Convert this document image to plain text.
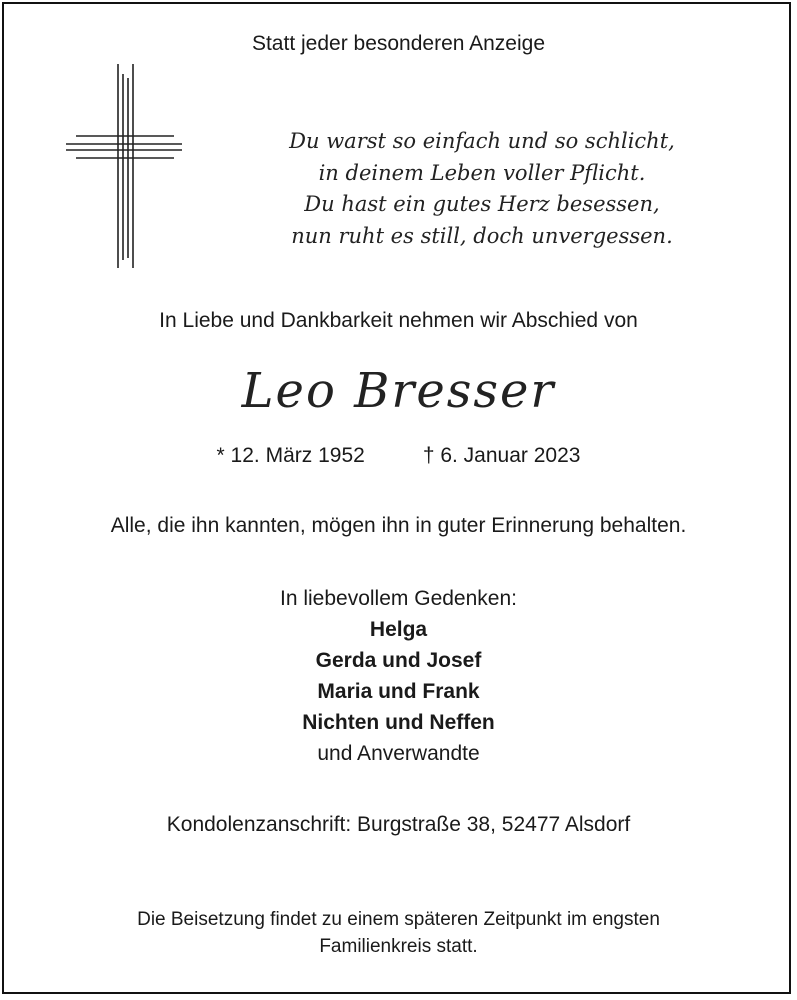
Statt jeder besonderen Anzeige
Du warst so einfach und so schlicht,
in deinem Leben voller Pflicht.
Du hast ein gutes Herz besessen,
nun ruht es still, doch unvergessen.
In Liebe und Dankbarkeit nehmen wir Abschied von
Leo Bresser
* 12. März 1952	† 6. Januar 2023
Alle, die ihn kannten, mögen ihn in guter Erinnerung behalten.
In liebevollem Gedenken:
Helga
Gerda und Josef
Maria und Frank
Nichten und Neffen
und Anverwandte
Kondolenzanschrift: Burgstraße 38, 52477 Alsdorf
Die Beisetzung findet zu einem späteren Zeitpunkt im engsten
Familienkreis statt.
